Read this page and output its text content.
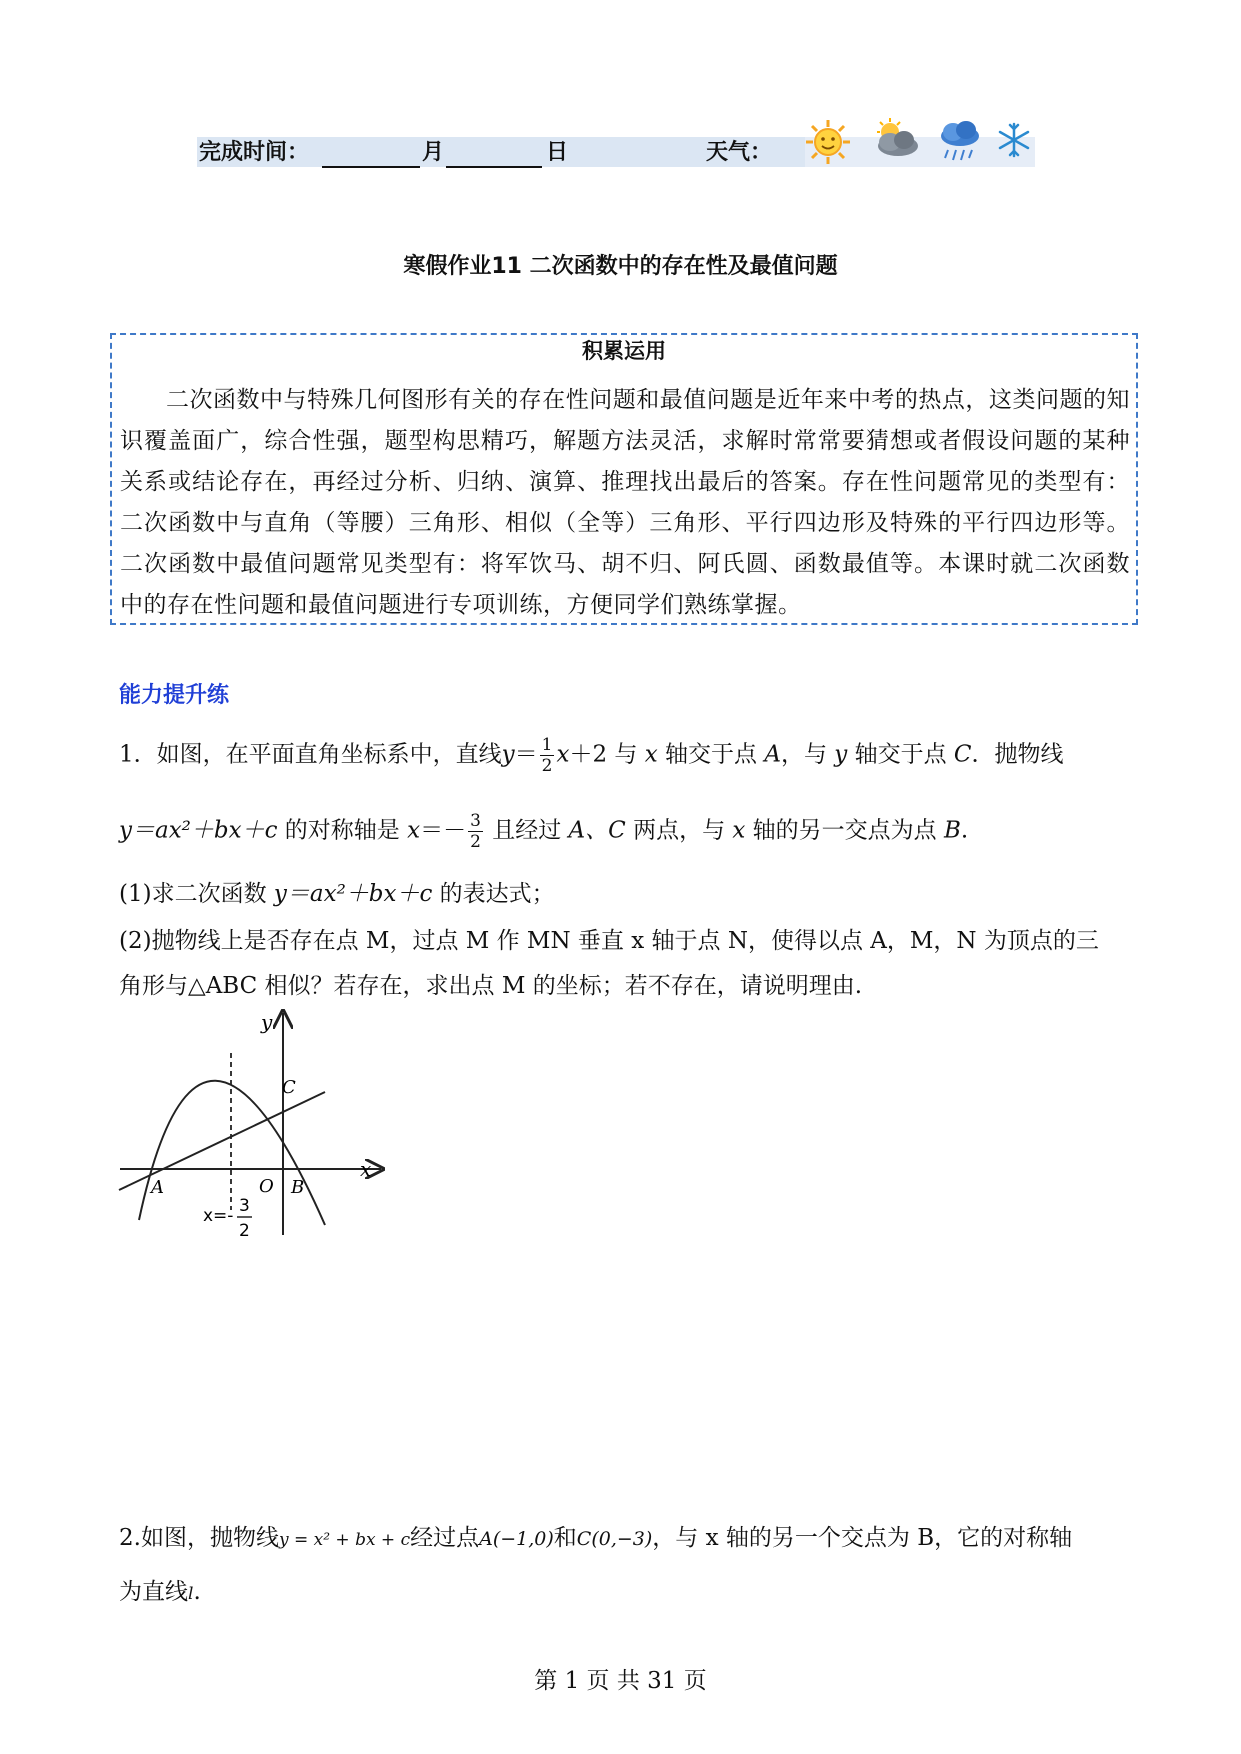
完成时间：	月	日	天气：
寒假作业11 二次函数中的存在性及最值问题
积累运用
二次函数中与特殊几何图形有关的存在性问题和最值问题是近年来中考的热点，这类问题的知识覆盖面广，综合性强，题型构思精巧，解题方法灵活，求解时常常要猜想或者假设问题的某种关系或结论存在，再经过分析、归纳、演算、推理找出最后的答案。存在性问题常见的类型有：二次函数中与直角（等腰）三角形、相似（全等）三角形、平行四边形及特殊的平行四边形等。二次函数中最值问题常见类型有：将军饮马、胡不归、阿氏圆、函数最值等。本课时就二次函数中的存在性问题和最值问题进行专项训练，方便同学们熟练掌握。
能力提升练
1．如图，在平面直角坐标系中，直线$y= \frac{1}{2} x+2$ 与 x 轴交于点 A，与 y 轴交于点 C．抛物线
y＝ax²＋bx＋c 的对称轴是 $x=- \frac{3}{2}$ 且经过 A、C 两点，与 x 轴的另一交点为点 B.
(1)求二次函数 y＝ax²＋bx＋c 的表达式；
(2)抛物线上是否存在点 M，过点 M 作 MN 垂直 x 轴于点 N，使得以点 A，M，N 为顶点的三
角形与△ABC 相似？若存在，求出点 M 的坐标；若不存在，请说明理由.
y
x
A	O B
C
x=- 3
2
2.如图，抛物线y = x² + bx + c经过点A(−1,0)和C(0,−3)，与 x 轴的另一个交点为 B，它的对称轴
为直线l.
第 1 页 共 31 页
